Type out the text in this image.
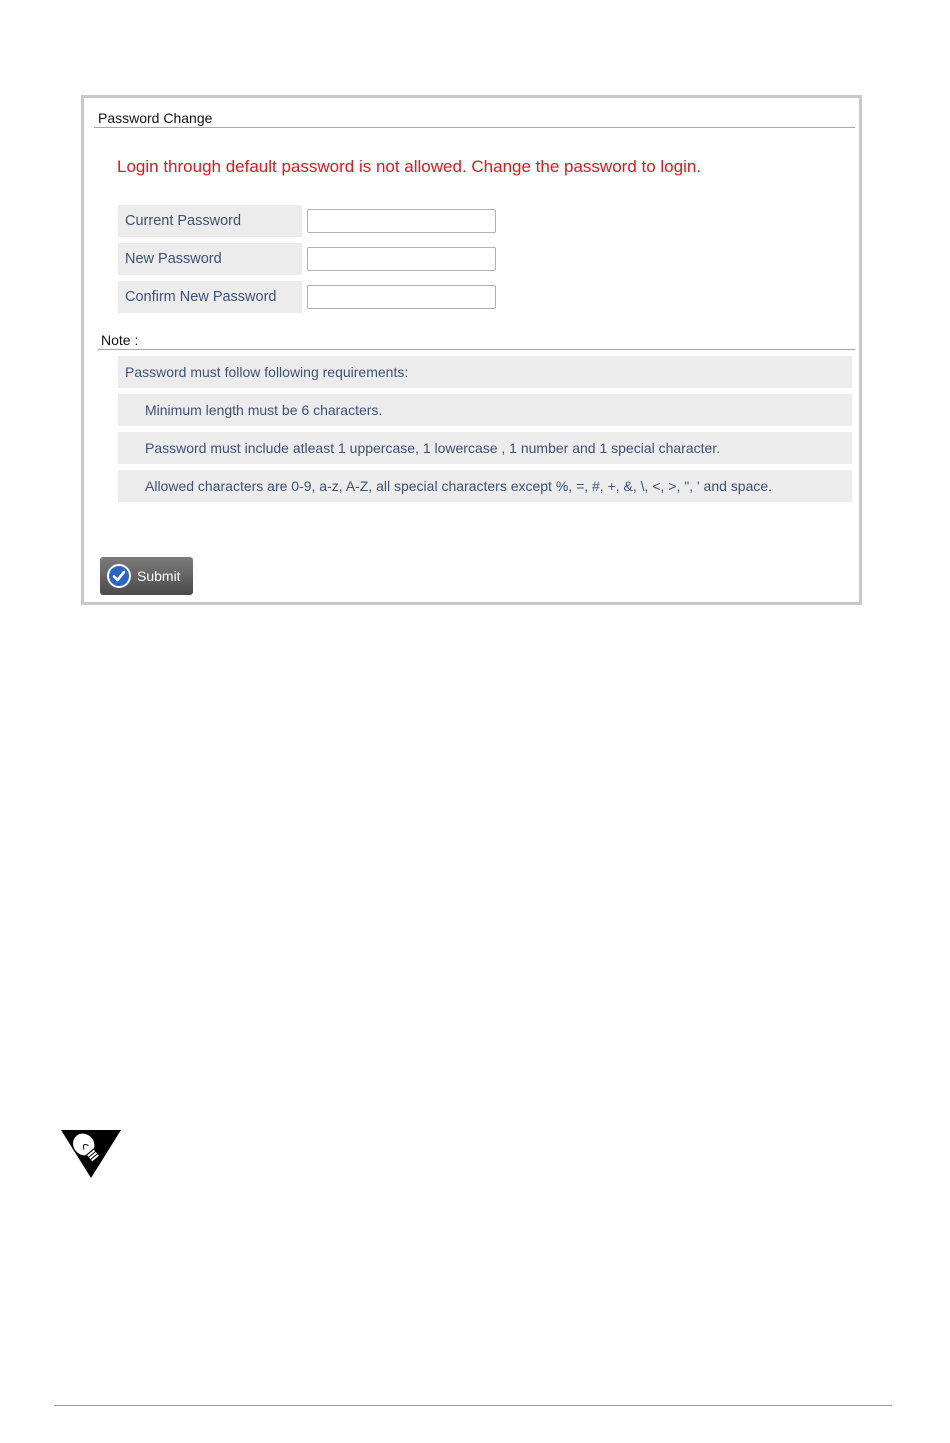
Password Change
Login through default password is not allowed. Change the password to login.
Current Password
New Password
Confirm New Password
Note :
Password must follow following requirements:
Minimum length must be 6 characters.
Password must include atleast 1 uppercase, 1 lowercase , 1 number and 1 special character.
Allowed characters are 0-9, a-z, A-Z, all special characters except %, =, #, +, &, \, <, >, ", ' and space.
Submit
